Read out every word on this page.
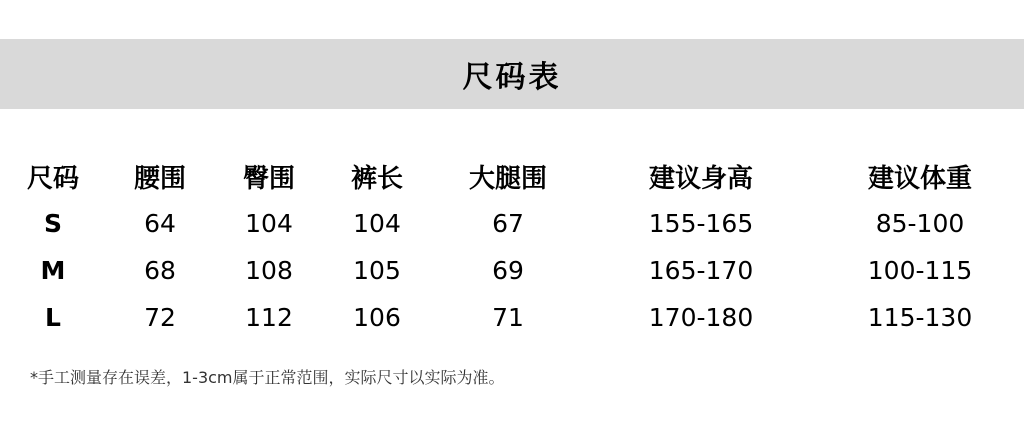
尺码表
尺码	腰围	臀围	裤长	大腿围	建议身高	建议体重
S	64	104	104	67	155-165	85-100
M	68	108	105	69	165-170	100-115
L	72	112	106	71	170-180	115-130
*手工测量存在误差，1-3cm属于正常范围，实际尺寸以实际为准。
